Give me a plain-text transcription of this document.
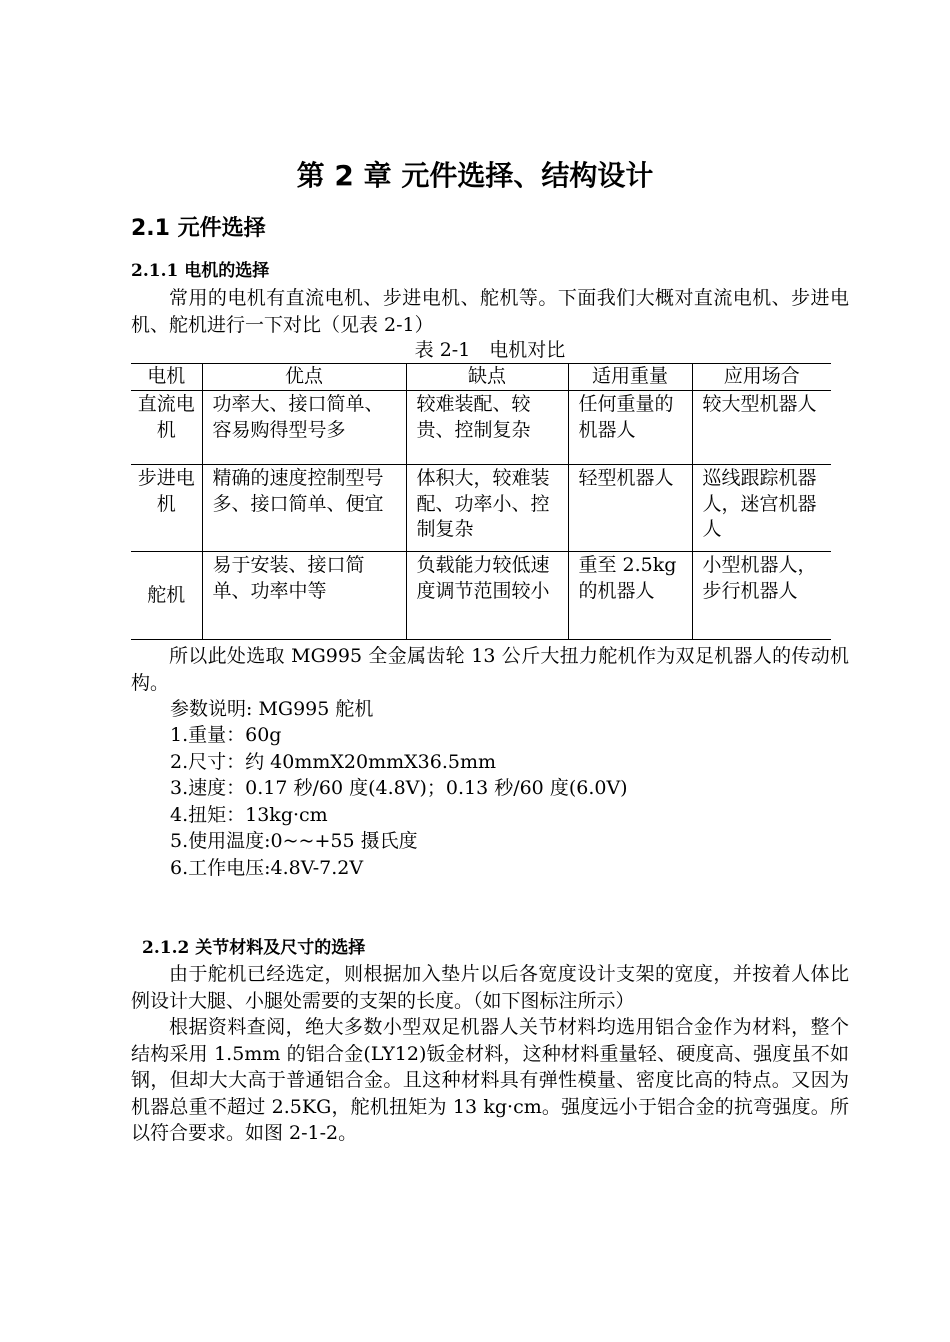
第 2 章 元件选择、结构设计
2.1 元件选择
2.1.1 电机的选择

常用的电机有直流电机、步进电机、舵机等。下面我们大概对直流电机、步进电机、舵机进行一下对比（见表 2-1）

表 2-1　电机对比

电机	优点	缺点	适用重量	应用场合
直流电机	功率大、接口简单、容易购得型号多	较难装配、较贵、控制复杂	任何重量的机器人	较大型机器人
步进电机	精确的速度控制型号多、接口简单、便宜	体积大，较难装配、功率小、控制复杂	轻型机器人	巡线跟踪机器人，迷宫机器人
舵机	易于安装、接口简单、功率中等	负载能力较低速度调节范围较小	重至 2.5kg 的机器人	小型机器人，步行机器人

所以此处选取 MG995 全金属齿轮 13 公斤大扭力舵机作为双足机器人的传动机构。

参数说明: MG995 舵机

1.重量：60g
2.尺寸：约 40mmX20mmX36.5mm
3.速度：0.17 秒/60 度(4.8V)；0.13 秒/60 度(6.0V)
4.扭矩：13kg·cm
5.使用温度:0~~+55 摄氏度
6.工作电压:4.8V-7.2V
2.1.2 关节材料及尺寸的选择

由于舵机已经选定，则根据加入垫片以后各宽度设计支架的宽度，并按着人体比例设计大腿、小腿处需要的支架的长度。（如下图标注所示）

根据资料查阅，绝大多数小型双足机器人关节材料均选用铝合金作为材料，整个结构采用 1.5mm 的铝合金(LY12)钣金材料，这种材料重量轻、硬度高、强度虽不如钢，但却大大高于普通铝合金。且这种材料具有弹性模量、密度比高的特点。又因为机器总重不超过 2.5KG，舵机扭矩为 13 kg·cm。强度远小于铝合金的抗弯强度。所以符合要求。如图 2-1-2。
